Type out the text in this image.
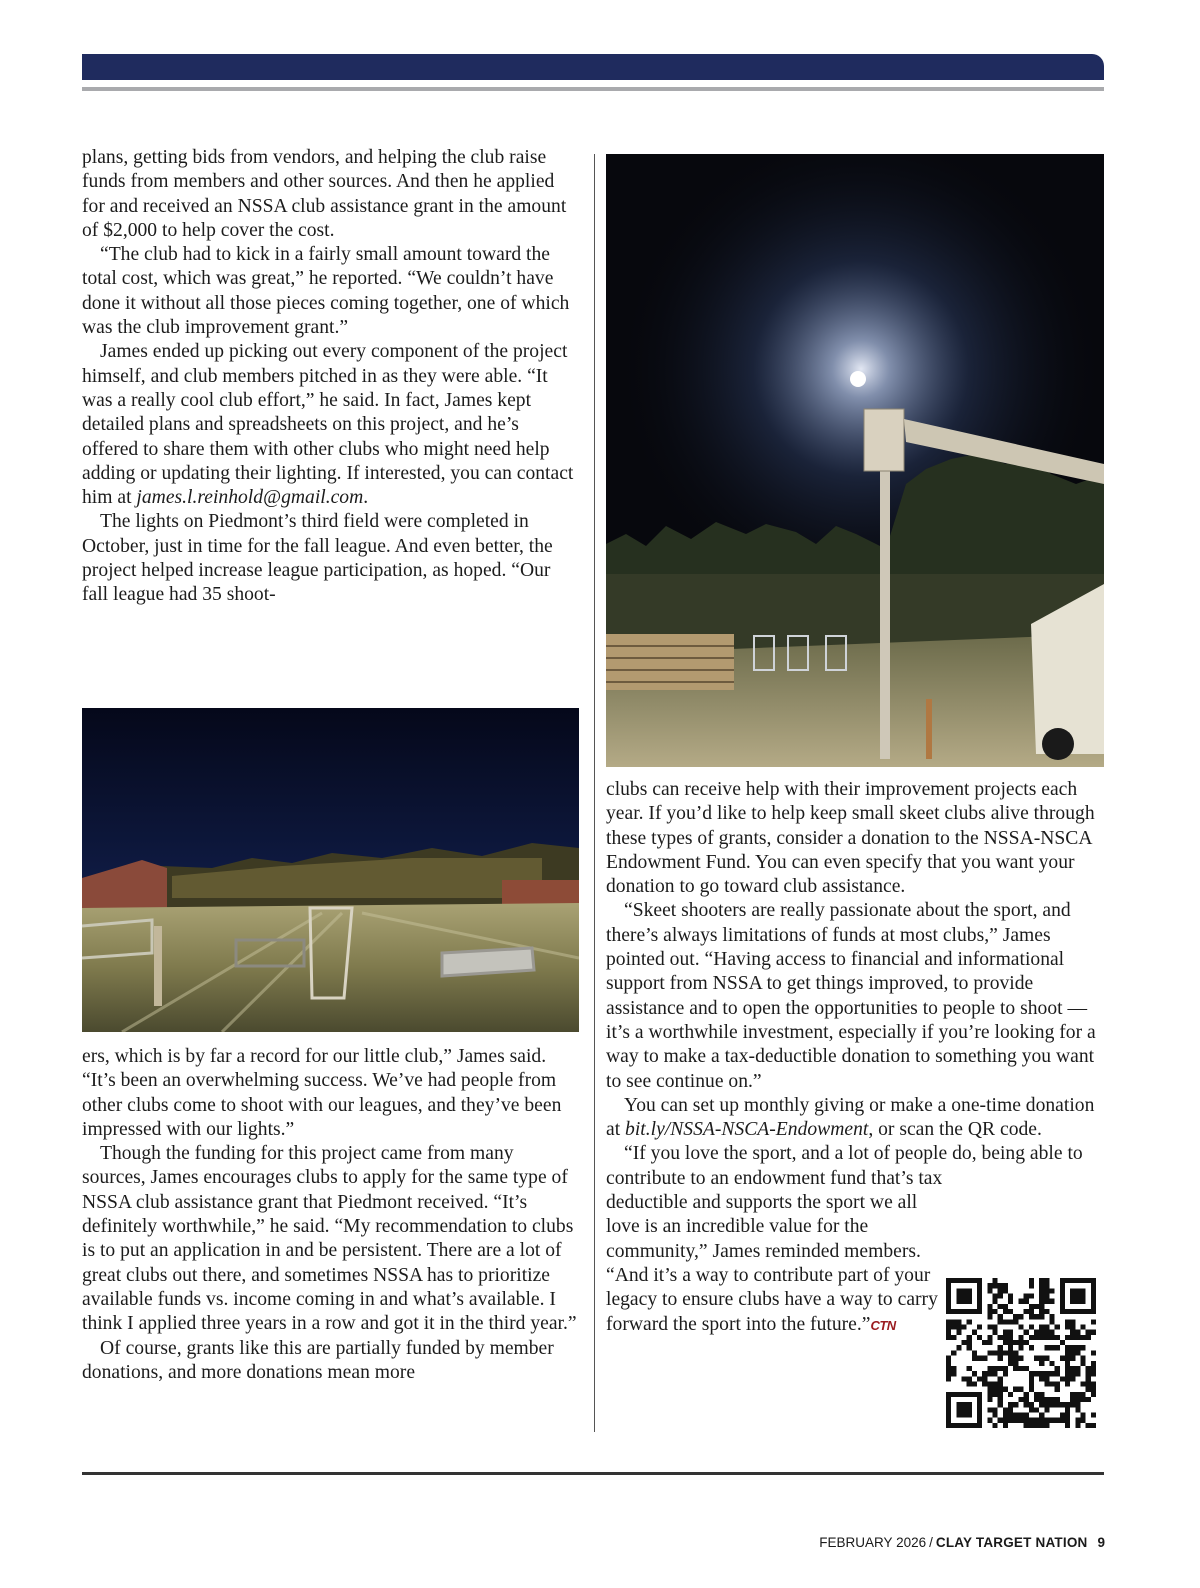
plans, getting bids from vendors, and helping the club raise funds from members and other sources. And then he applied for and received an NSSA club assistance grant in the amount of $2,000 to help cover the cost.

“The club had to kick in a fairly small amount toward the total cost, which was great,” he reported. “We couldn’t have done it without all those pieces coming together, one of which was the club improvement grant.”

James ended up picking out every component of the project himself, and club members pitched in as they were able. “It was a really cool club effort,” he said. In fact, James kept detailed plans and spreadsheets on this project, and he’s offered to share them with other clubs who might need help adding or updating their lighting. If interested, you can contact him at james.l.reinhold@gmail.com.

The lights on Piedmont’s third field were completed in October, just in time for the fall league. And even better, the project helped increase league participation, as hoped. “Our fall league had 35 shoot-

ers, which is by far a record for our little club,” James said. “It’s been an overwhelming success. We’ve had people from other clubs come to shoot with our leagues, and they’ve been impressed with our lights.”

Though the funding for this project came from many sources, James encourages clubs to apply for the same type of NSSA club assistance grant that Piedmont received. “It’s definitely worthwhile,” he said. “My recommendation to clubs is to put an application in and be persistent. There are a lot of great clubs out there, and sometimes NSSA has to prioritize available funds vs. income coming in and what’s available. I think I applied three years in a row and got it in the third year.”

Of course, grants like this are partially funded by member donations, and more donations mean more

clubs can receive help with their improvement projects each year. If you’d like to help keep small skeet clubs alive through these types of grants, consider a donation to the NSSA-NSCA Endowment Fund. You can even specify that you want your donation to go toward club assistance.

“Skeet shooters are really passionate about the sport, and there’s always limitations of funds at most clubs,” James pointed out. “Having access to financial and informational support from NSSA to get things improved, to provide assistance and to open the opportunities to people to shoot — it’s a worthwhile investment, especially if you’re looking for a way to make a tax-deductible donation to something you want to see continue on.”

You can set up monthly giving or make a one-time donation at bit.ly/NSSA-NSCA-Endowment, or scan the QR code.

“If you love the sport, and a lot of people do, being able to contribute to an endowment fund that’s tax

deductible and supports the sport we all love is an incredible value for the community,” James reminded members. “And it’s a way to contribute part of your legacy to ensure clubs have a way to carry forward the sport into the future.”CTN
FEBRUARY 2026 / CLAY TARGET NATION 9
